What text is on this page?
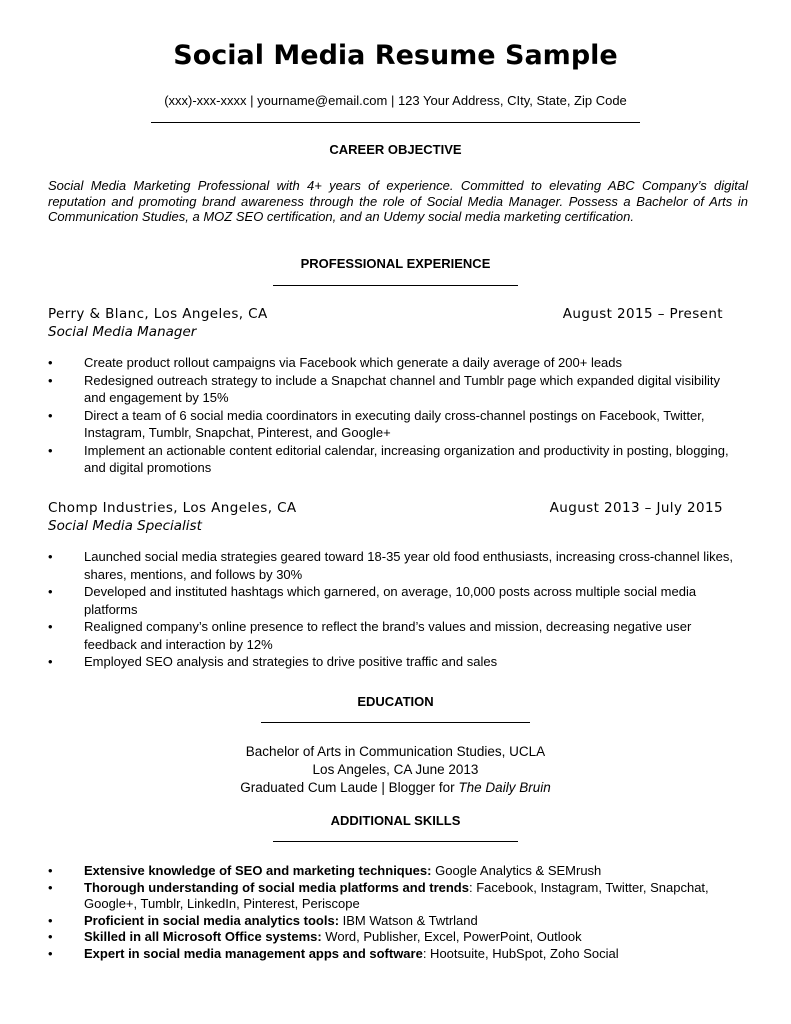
Social Media Resume Sample
(xxx)-xxx-xxxx | yourname@email.com | 123 Your Address, CIty, State, Zip Code
CAREER OBJECTIVE
Social Media Marketing Professional with 4+ years of experience. Committed to elevating ABC Company’s digital reputation and promoting brand awareness through the role of Social Media Manager. Possess a Bachelor of Arts in Communication Studies, a MOZ SEO certification, and an Udemy social media marketing certification.
PROFESSIONAL EXPERIENCE
Perry & Blanc, Los Angeles, CA	August 2015 – Present
Social Media Manager
• Create product rollout campaigns via Facebook which generate a daily average of 200+ leads
• Redesigned outreach strategy to include a Snapchat channel and Tumblr page which expanded digital visibility and engagement by 15%
• Direct a team of 6 social media coordinators in executing daily cross-channel postings on Facebook, Twitter, Instagram, Tumblr, Snapchat, Pinterest, and Google+
• Implement an actionable content editorial calendar, increasing organization and productivity in posting, blogging, and digital promotions
Chomp Industries, Los Angeles, CA	August 2013 – July 2015
Social Media Specialist
• Launched social media strategies geared toward 18-35 year old food enthusiasts, increasing cross-channel likes, shares, mentions, and follows by 30%
• Developed and instituted hashtags which garnered, on average, 10,000 posts across multiple social media platforms
• Realigned company’s online presence to reflect the brand’s values and mission, decreasing negative user feedback and interaction by 12%
• Employed SEO analysis and strategies to drive positive traffic and sales
EDUCATION
Bachelor of Arts in Communication Studies, UCLA
Los Angeles, CA June 2013
Graduated Cum Laude | Blogger for The Daily Bruin
ADDITIONAL SKILLS
• Extensive knowledge of SEO and marketing techniques: Google Analytics & SEMrush
• Thorough understanding of social media platforms and trends: Facebook, Instagram, Twitter, Snapchat, Google+, Tumblr, LinkedIn, Pinterest, Periscope
• Proficient in social media analytics tools: IBM Watson & Twtrland
• Skilled in all Microsoft Office systems: Word, Publisher, Excel, PowerPoint, Outlook
• Expert in social media management apps and software: Hootsuite, HubSpot, Zoho Social
